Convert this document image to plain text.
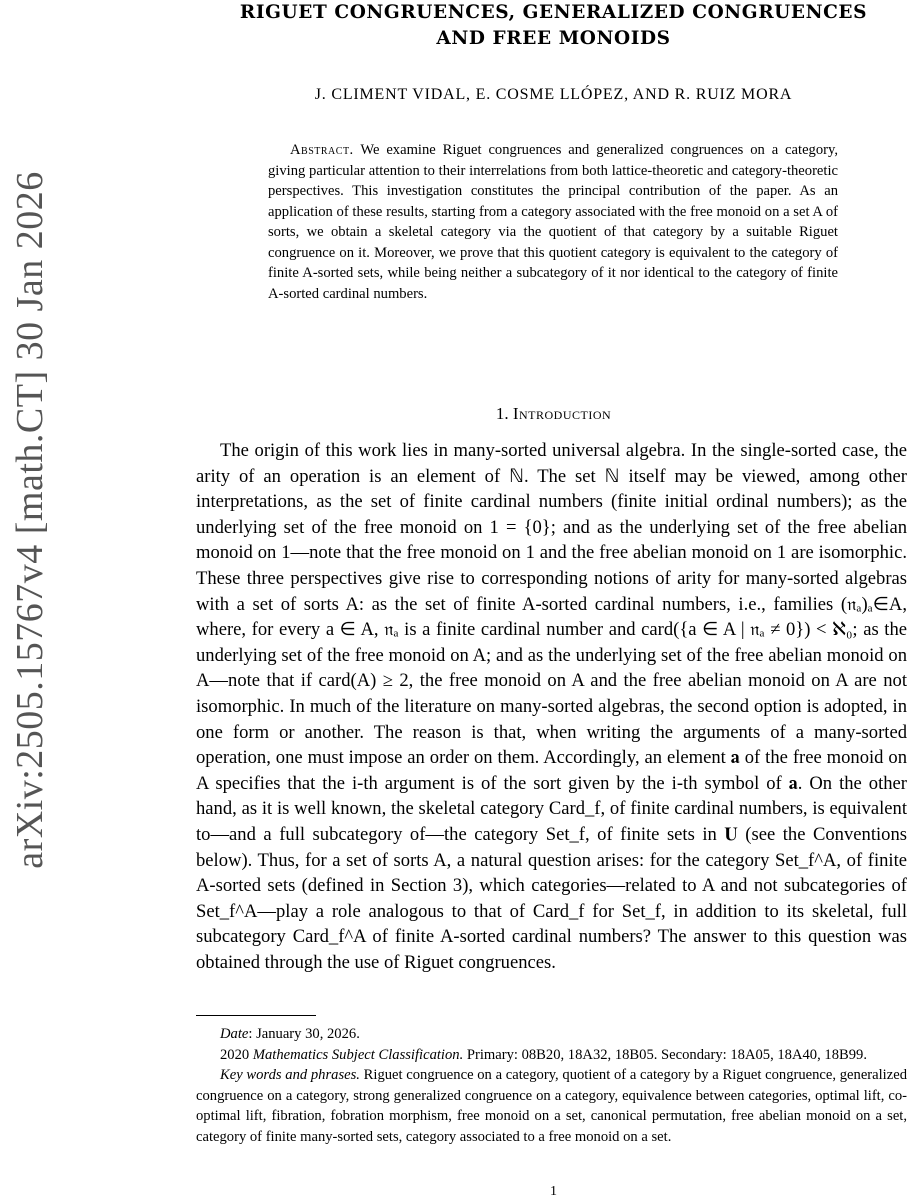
arXiv:2505.15767v4 [math.CT] 30 Jan 2026
RIGUET CONGRUENCES, GENERALIZED CONGRUENCES
AND FREE MONOIDS
J. CLIMENT VIDAL, E. COSME LLÓPEZ, AND R. RUIZ MORA
Abstract. We examine Riguet congruences and generalized congruences on a category, giving particular attention to their interrelations from both lattice-theoretic and category-theoretic perspectives. This investigation constitutes the principal contribution of the paper. As an application of these results, starting from a category associated with the free monoid on a set A of sorts, we obtain a skeletal category via the quotient of that category by a suitable Riguet congruence on it. Moreover, we prove that this quotient category is equivalent to the category of finite A-sorted sets, while being neither a subcategory of it nor identical to the category of finite A-sorted cardinal numbers.
1. Introduction

The origin of this work lies in many-sorted universal algebra. In the single-sorted case, the arity of an operation is an element of ℕ. The set ℕ itself may be viewed, among other interpretations, as the set of finite cardinal numbers (finite initial ordinal numbers); as the underlying set of the free monoid on 1 = {0}; and as the underlying set of the free abelian monoid on 1—note that the free monoid on 1 and the free abelian monoid on 1 are isomorphic. These three perspectives give rise to corresponding notions of arity for many-sorted algebras with a set of sorts A: as the set of finite A-sorted cardinal numbers, i.e., families (𝔫ₐ)ₐ∈A, where, for every a ∈ A, 𝔫ₐ is a finite cardinal number and card({a ∈ A | 𝔫ₐ ≠ 0}) < ℵ₀; as the underlying set of the free monoid on A; and as the underlying set of the free abelian monoid on A—note that if card(A) ≥ 2, the free monoid on A and the free abelian monoid on A are not isomorphic. In much of the literature on many-sorted algebras, the second option is adopted, in one form or another. The reason is that, when writing the arguments of a many-sorted operation, one must impose an order on them. Accordingly, an element 𝐚 of the free monoid on A specifies that the i-th argument is of the sort given by the i-th symbol of 𝐚. On the other hand, as it is well known, the skeletal category Card_f, of finite cardinal numbers, is equivalent to—and a full subcategory of—the category Set_f, of finite sets in 𝐔 (see the Conventions below). Thus, for a set of sorts A, a natural question arises: for the category Set_f^A, of finite A-sorted sets (defined in Section 3), which categories—related to A and not subcategories of Set_f^A—play a role analogous to that of Card_f for Set_f, in addition to its skeletal, full subcategory Card_f^A of finite A-sorted cardinal numbers? The answer to this question was obtained through the use of Riguet congruences.

Date: January 30, 2026.

2020 Mathematics Subject Classification. Primary: 08B20, 18A32, 18B05. Secondary: 18A05, 18A40, 18B99.

Key words and phrases. Riguet congruence on a category, quotient of a category by a Riguet congruence, generalized congruence on a category, strong generalized congruence on a category, equivalence between categories, optimal lift, co-optimal lift, fibration, fobration morphism, free monoid on a set, canonical permutation, free abelian monoid on a set, category of finite many-sorted sets, category associated to a free monoid on a set.

1
